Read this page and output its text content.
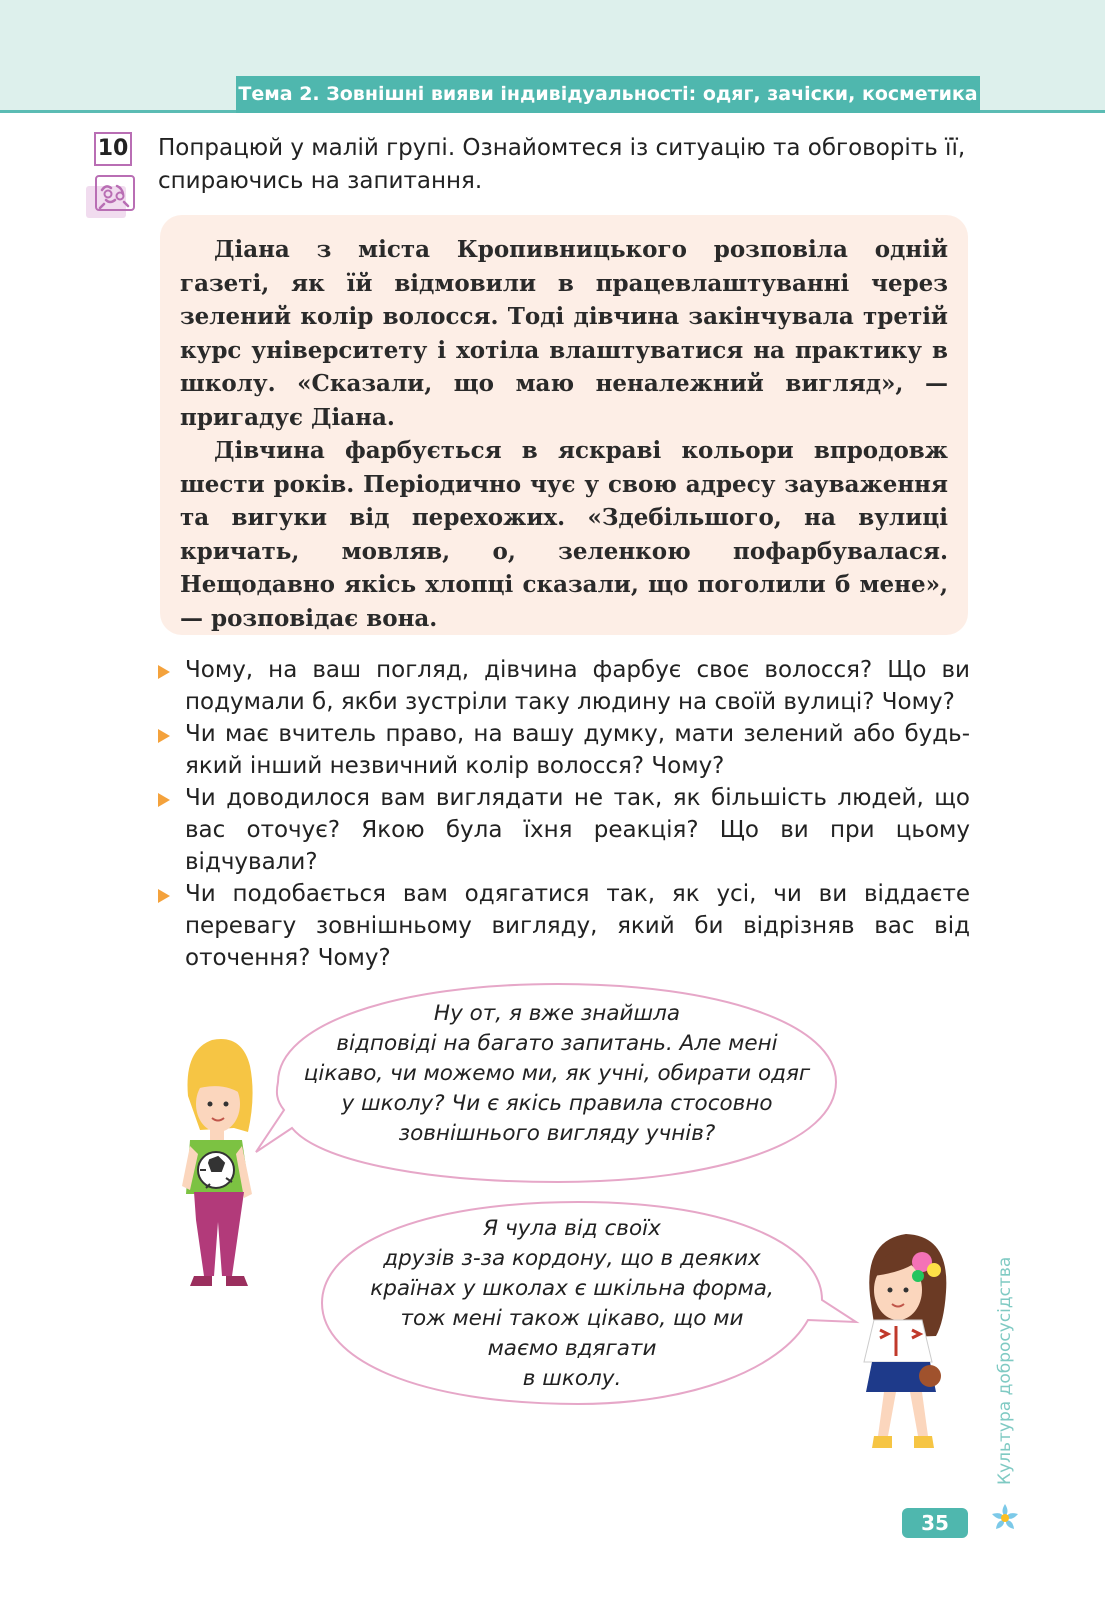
Тема 2. Зовнішні вияви індивідуальності: одяг, зачіски, косметика
10 Попрацюй у малій групі. Ознайомтеся із ситуацію та обговоріть її, спираючись на запитання.

Діана з міста Кропивницького розповіла одній газеті, як їй відмовили в працевлаштуванні через зелений колір волосся. Тоді дівчина закінчувала третій курс університету і хотіла влаштуватися на практику в школу. «Сказали, що маю неналежний вигляд», — пригадує Діана.

Дівчина фарбується в яскраві кольори впродовж шести років. Періодично чує у свою адресу зауваження та вигуки від перехожих. «Здебільшого, на вулиці кричать, мовляв, о, зеленкою пофарбувалася. Нещодавно якісь хлопці сказали, що поголили б мене», — розповідає вона.

Чому, на ваш погляд, дівчина фарбує своє волосся? Що ви подумали б, якби зустріли таку людину на своїй вулиці? Чому?
Чи має вчитель право, на вашу думку, мати зелений або будь-який інший незвичний колір волосся? Чому?
Чи доводилося вам виглядати не так, як більшість людей, що вас оточує? Якою була їхня реакція? Що ви при цьому відчували?
Чи подобається вам одягатися так, як усі, чи ви віддаєте перевагу зовнішньому вигляду, який би відрізняв вас від оточення? Чому?
Ну от, я вже знайшла
відповіді на багато запитань. Але мені
цікаво, чи можемо ми, як учні, обирати одяг
у школу? Чи є якісь правила стосовно
зовнішнього вигляду учнів?
Я чула від своїх
друзів з-за кордону, що в деяких
країнах у школах є шкільна форма,
тож мені також цікаво, що ми
маємо вдягати
в школу.	Культура добросусідства
35
